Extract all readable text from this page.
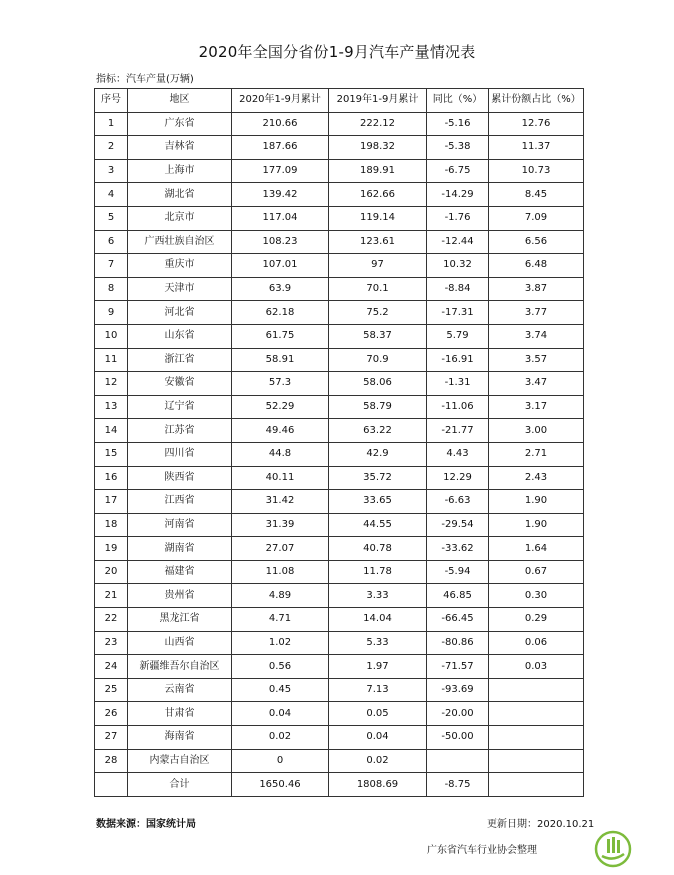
2020年全国分省份1-9月汽车产量情况表
指标：汽车产量(万辆)
序号	地区	2020年1-9月累计	2019年1-9月累计	同比（%）	累计份额占比（%）
1	广东省	210.66	222.12	-5.16	12.76
2	吉林省	187.66	198.32	-5.38	11.37
3	上海市	177.09	189.91	-6.75	10.73
4	湖北省	139.42	162.66	-14.29	8.45
5	北京市	117.04	119.14	-1.76	7.09
6	广西壮族自治区	108.23	123.61	-12.44	6.56
7	重庆市	107.01	97	10.32	6.48
8	天津市	63.9	70.1	-8.84	3.87
9	河北省	62.18	75.2	-17.31	3.77
10	山东省	61.75	58.37	5.79	3.74
11	浙江省	58.91	70.9	-16.91	3.57
12	安徽省	57.3	58.06	-1.31	3.47
13	辽宁省	52.29	58.79	-11.06	3.17
14	江苏省	49.46	63.22	-21.77	3.00
15	四川省	44.8	42.9	4.43	2.71
16	陕西省	40.11	35.72	12.29	2.43
17	江西省	31.42	33.65	-6.63	1.90
18	河南省	31.39	44.55	-29.54	1.90
19	湖南省	27.07	40.78	-33.62	1.64
20	福建省	11.08	11.78	-5.94	0.67
21	贵州省	4.89	3.33	46.85	0.30
22	黑龙江省	4.71	14.04	-66.45	0.29
23	山西省	1.02	5.33	-80.86	0.06
24	新疆维吾尔自治区	0.56	1.97	-71.57	0.03
25	云南省	0.45	7.13	-93.69	
26	甘肃省	0.04	0.05	-20.00	
27	海南省	0.02	0.04	-50.00	
28	内蒙古自治区	0	0.02		
	合计	1650.46	1808.69	-8.75	
数据来源：国家统计局	更新日期：2020.10.21
广东省汽车行业协会整理
